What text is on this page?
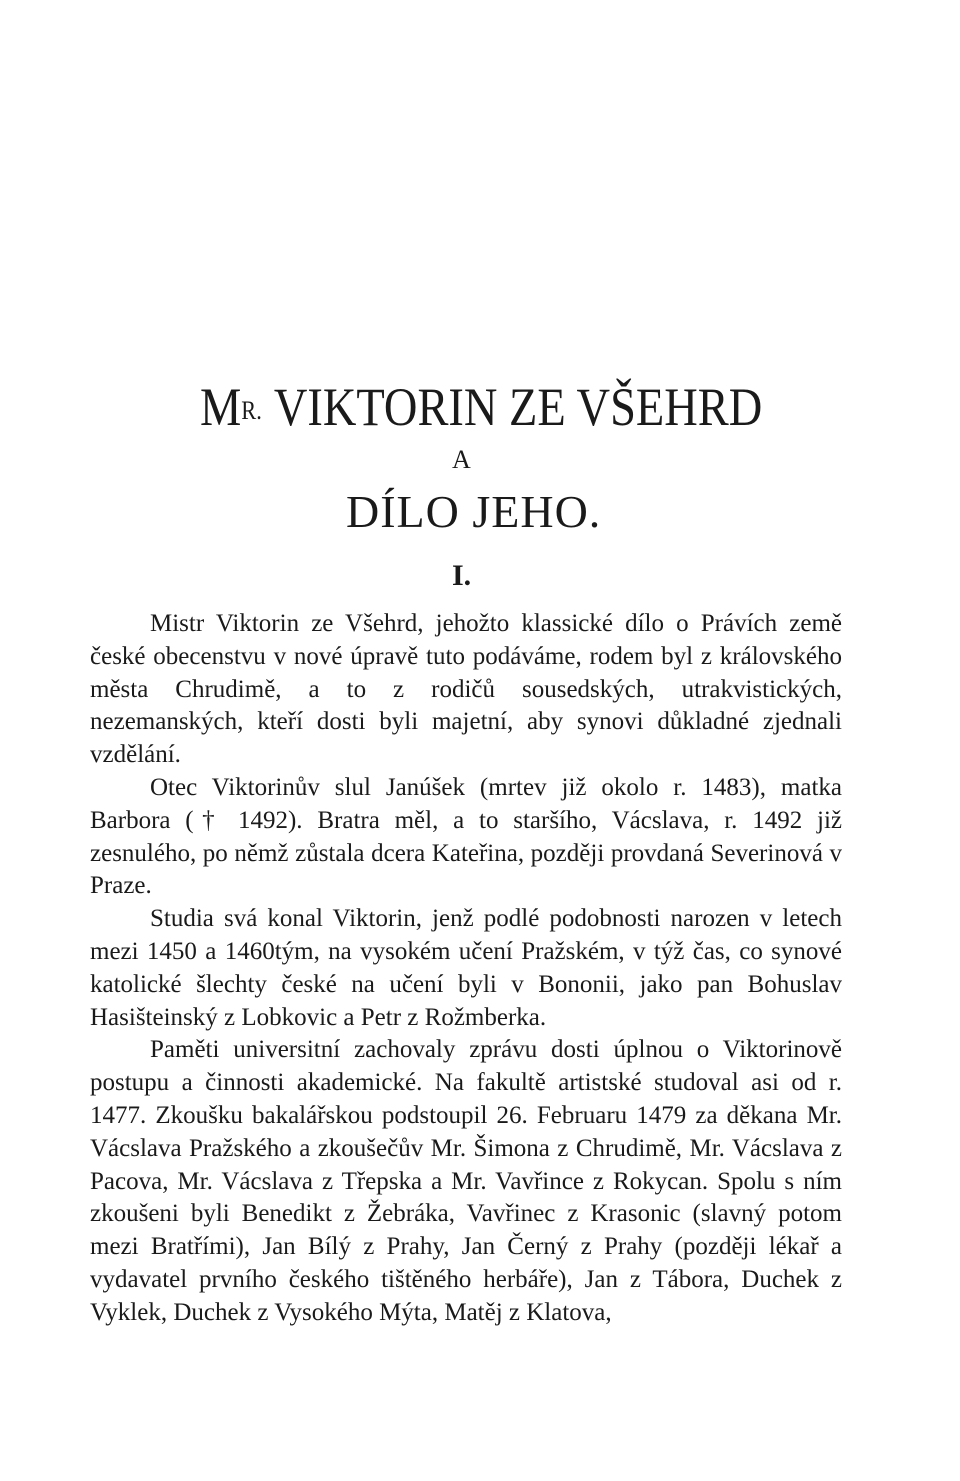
$M^{R.}$ VIKTORIN ZE VŠEHRD
A
DÍLO JEHO.
I.

Mistr Viktorin ze Všehrd, jehožto klassické dílo o Právích země české obecenstvu v nové úpravě tuto podáváme, rodem byl z královského města Chrudimě, a to z rodičů sousedských, utrakvistických, nezemanských, kteří dosti byli majetní, aby synovi důkladné zjednali vzdělání.

Otec Viktorinův slul Janúšek (mrtev již okolo r. 1483), matka Barbora († 1492). Bratra měl, a to staršího, Vácslava, r. 1492 již zesnulého, po němž zůstala dcera Kateřina, později provdaná Severinová v Praze.

Studia svá konal Viktorin, jenž podlé podobnosti narozen v letech mezi 1450 a 1460tým, na vysokém učení Pražském, v týž čas, co synové katolické šlechty české na učení byli v Bononii, jako pan Bohuslav Hasišteinský z Lobkovic a Petr z Rožmberka.

Paměti universitní zachovaly zprávu dosti úplnou o Viktorinově postupu a činnosti akademické. Na fakultě artistské studoval asi od r. 1477. Zkoušku bakalářskou podstoupil 26. Februaru 1479 za děkana Mr. Vácslava Pražského a zkoušečův Mr. Šimona z Chrudimě, Mr. Vácslava z Pacova, Mr. Vácslava z Třepska a Mr. Vavřince z Rokycan. Spolu s ním zkoušeni byli Benedikt z Žebráka, Vavřinec z Krasonic (slavný potom mezi Bratřími), Jan Bílý z Prahy, Jan Černý z Prahy (později lékař a vydavatel prvního českého tištěného herbáře), Jan z Tábora, Duchek z Vyklek, Duchek z Vysokého Mýta, Matěj z Klatova,
